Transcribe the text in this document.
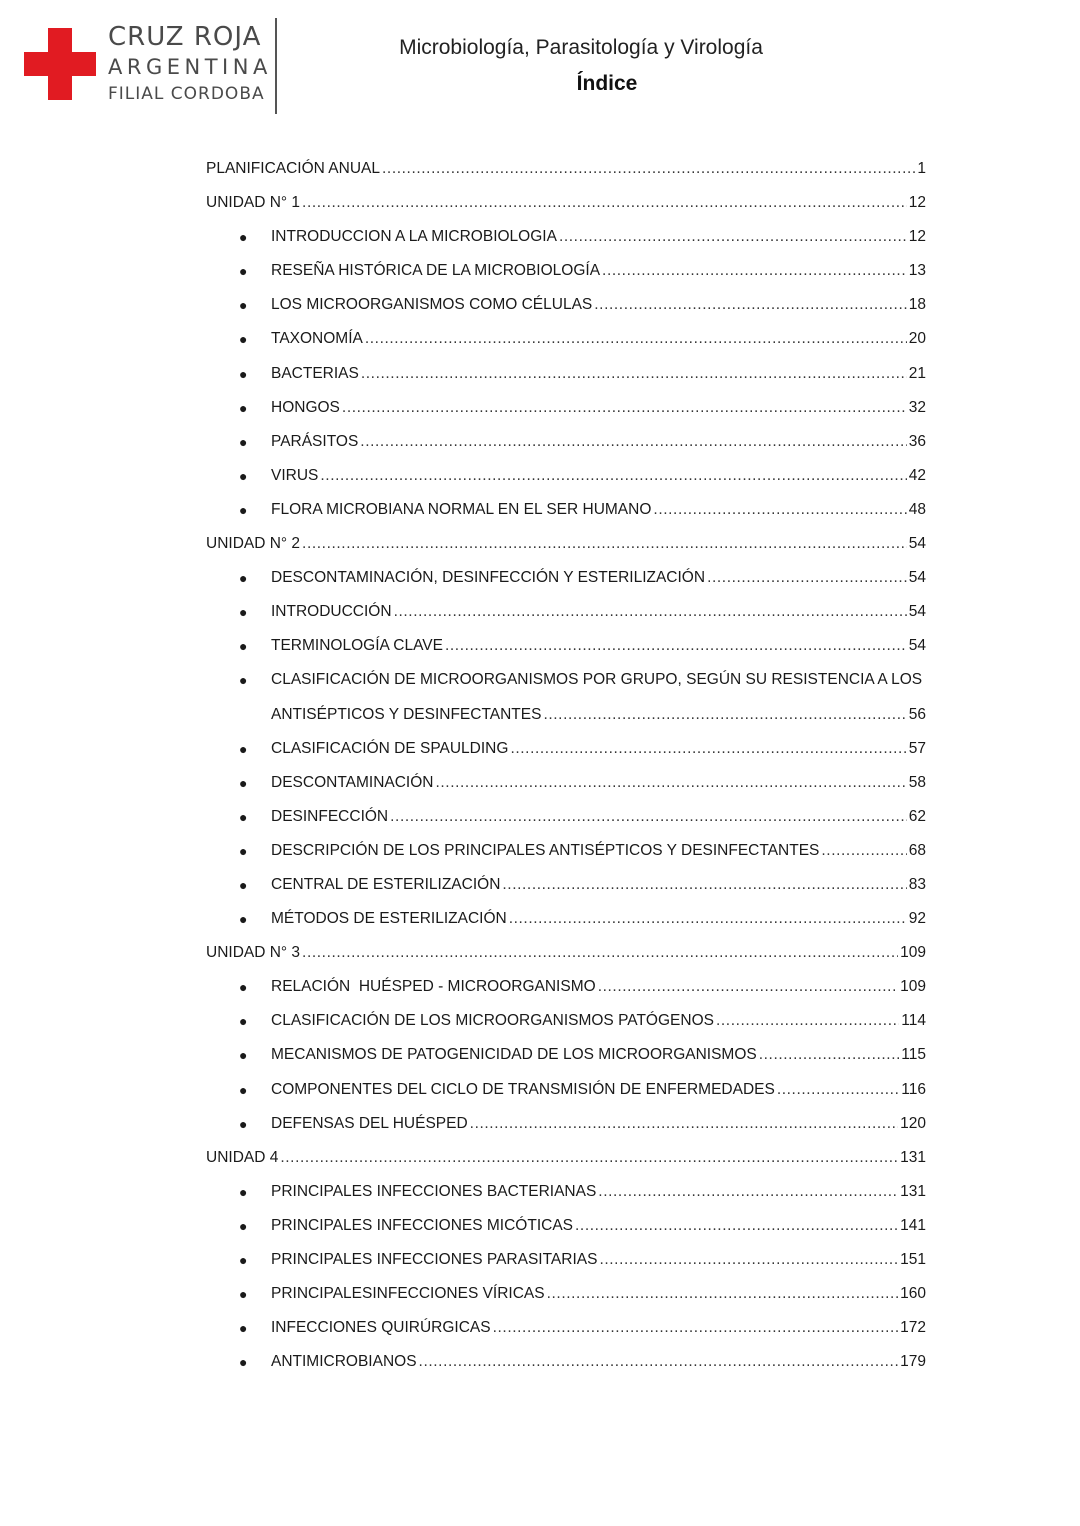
CRUZ ROJA
ARGENTINA
FILIAL CORDOBA
Microbiología, Parasitología y Virología
Índice
PLANIFICACIÓN ANUAL .....	1
UNIDAD N° 1 .....	12
● INTRODUCCION A LA MICROBIOLOGIA .....	12
● RESEÑA HISTÓRICA DE LA MICROBIOLOGÍA .....	13
● LOS MICROORGANISMOS COMO CÉLULAS .....	18
● TAXONOMÍA .....	20
● BACTERIAS .....	21
● HONGOS .....	32
● PARÁSITOS .....	36
● VIRUS .....	42
● FLORA MICROBIANA NORMAL EN EL SER HUMANO .....	48
UNIDAD N° 2 .....	54
● DESCONTAMINACIÓN, DESINFECCIÓN Y ESTERILIZACIÓN .....	54
● INTRODUCCIÓN .....	54
● TERMINOLOGÍA CLAVE .....	54
● CLASIFICACIÓN DE MICROORGANISMOS POR GRUPO, SEGÚN SU RESISTENCIA A LOS
ANTISÉPTICOS Y DESINFECTANTES .....	56
● CLASIFICACIÓN DE SPAULDING .....	57
● DESCONTAMINACIÓN .....	58
● DESINFECCIÓN .....	62
● DESCRIPCIÓN DE LOS PRINCIPALES ANTISÉPTICOS Y DESINFECTANTES .....	68
● CENTRAL DE ESTERILIZACIÓN .....	83
● MÉTODOS DE ESTERILIZACIÓN .....	92
UNIDAD N° 3 .....	109
● RELACIÓN  HUÉSPED - MICROORGANISMO .....	109
● CLASIFICACIÓN DE LOS MICROORGANISMOS PATÓGENOS .....	114
● MECANISMOS DE PATOGENICIDAD DE LOS MICROORGANISMOS .....	115
● COMPONENTES DEL CICLO DE TRANSMISIÓN DE ENFERMEDADES .....	116
● DEFENSAS DEL HUÉSPED .....	120
UNIDAD 4 .....	131
● PRINCIPALES INFECCIONES BACTERIANAS .....	131
● PRINCIPALES INFECCIONES MICÓTICAS .....	141
● PRINCIPALES INFECCIONES PARASITARIAS .....	151
● PRINCIPALESINFECCIONES VÍRICAS .....	160
● INFECCIONES QUIRÚRGICAS .....	172
● ANTIMICROBIANOS .....	179
